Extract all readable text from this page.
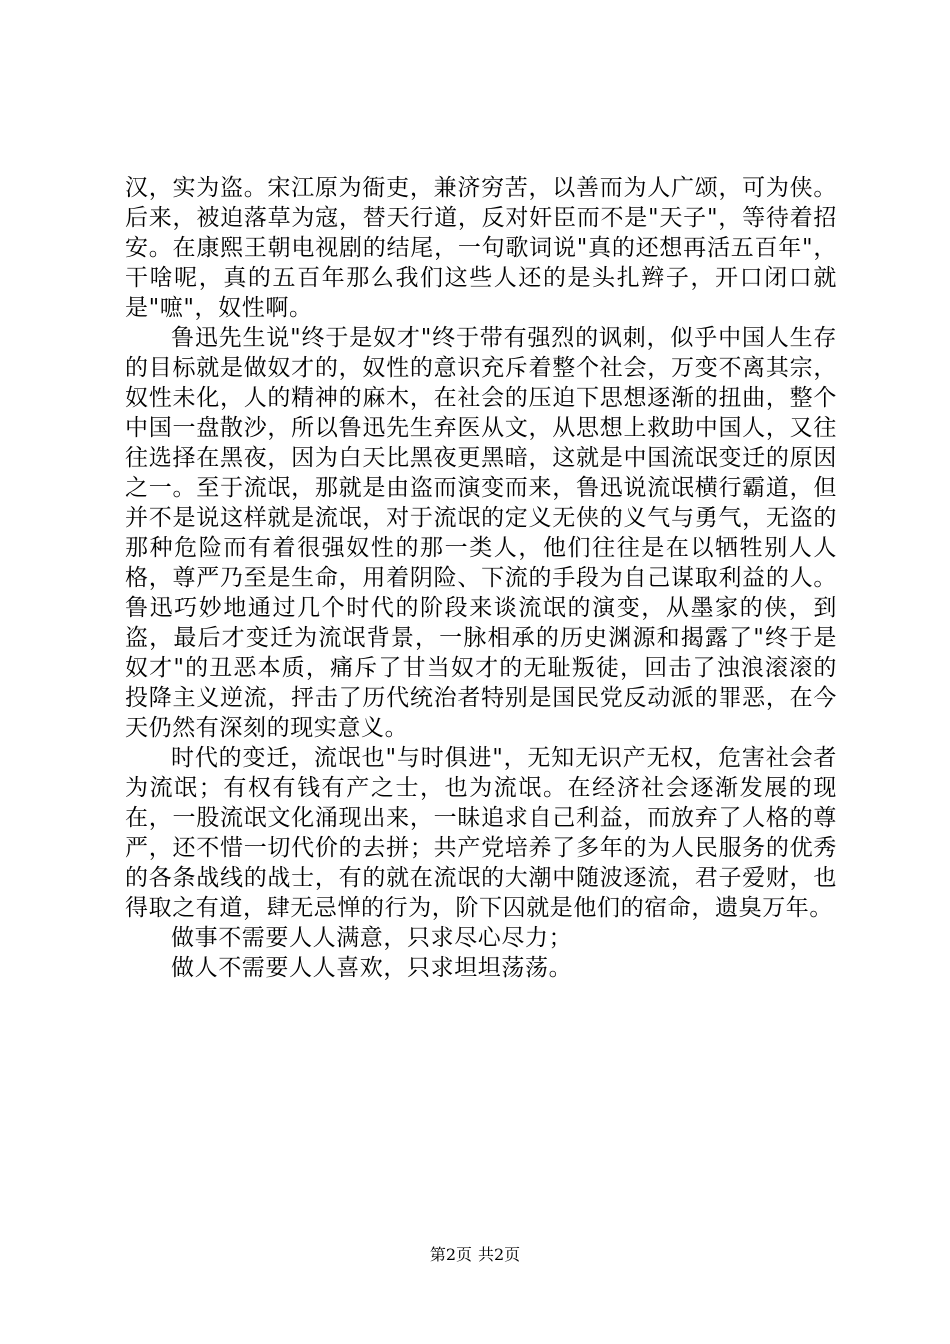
汉，实为盗。宋江原为衙吏，兼济穷苦，以善而为人广颂，可为侠。后来，被迫落草为寇，替天行道，反对奸臣而不是"天子"，等待着招安。在康熙王朝电视剧的结尾，一句歌词说"真的还想再活五百年"，干啥呢，真的五百年那么我们这些人还的是头扎辫子，开口闭口就是"嗻"，奴性啊。

鲁迅先生说"终于是奴才"终于带有强烈的讽刺，似乎中国人生存的目标就是做奴才的，奴性的意识充斥着整个社会，万变不离其宗，奴性未化，人的精神的麻木，在社会的压迫下思想逐渐的扭曲，整个中国一盘散沙，所以鲁迅先生弃医从文，从思想上救助中国人，又往往选择在黑夜，因为白天比黑夜更黑暗，这就是中国流氓变迁的原因之一。至于流氓，那就是由盗而演变而来，鲁迅说流氓横行霸道，但并不是说这样就是流氓，对于流氓的定义无侠的义气与勇气，无盗的那种危险而有着很强奴性的那一类人，他们往往是在以牺牲别人人格，尊严乃至是生命，用着阴险、下流的手段为自己谋取利益的人。鲁迅巧妙地通过几个时代的阶段来谈流氓的演变，从墨家的侠，到盗，最后才变迁为流氓背景，一脉相承的历史渊源和揭露了"终于是奴才"的丑恶本质，痛斥了甘当奴才的无耻叛徒，回击了浊浪滚滚的投降主义逆流，抨击了历代统治者特别是国民党反动派的罪恶，在今天仍然有深刻的现实意义。

时代的变迁，流氓也"与时俱进"，无知无识产无权，危害社会者为流氓；有权有钱有产之士，也为流氓。在经济社会逐渐发展的现在，一股流氓文化涌现出来，一昧追求自己利益，而放弃了人格的尊严，还不惜一切代价的去拼；共产党培养了多年的为人民服务的优秀的各条战线的战士，有的就在流氓的大潮中随波逐流，君子爱财，也得取之有道，肆无忌惮的行为，阶下囚就是他们的宿命，遗臭万年。

做事不需要人人满意，只求尽心尽力；

做人不需要人人喜欢，只求坦坦荡荡。

第2页 共2页
